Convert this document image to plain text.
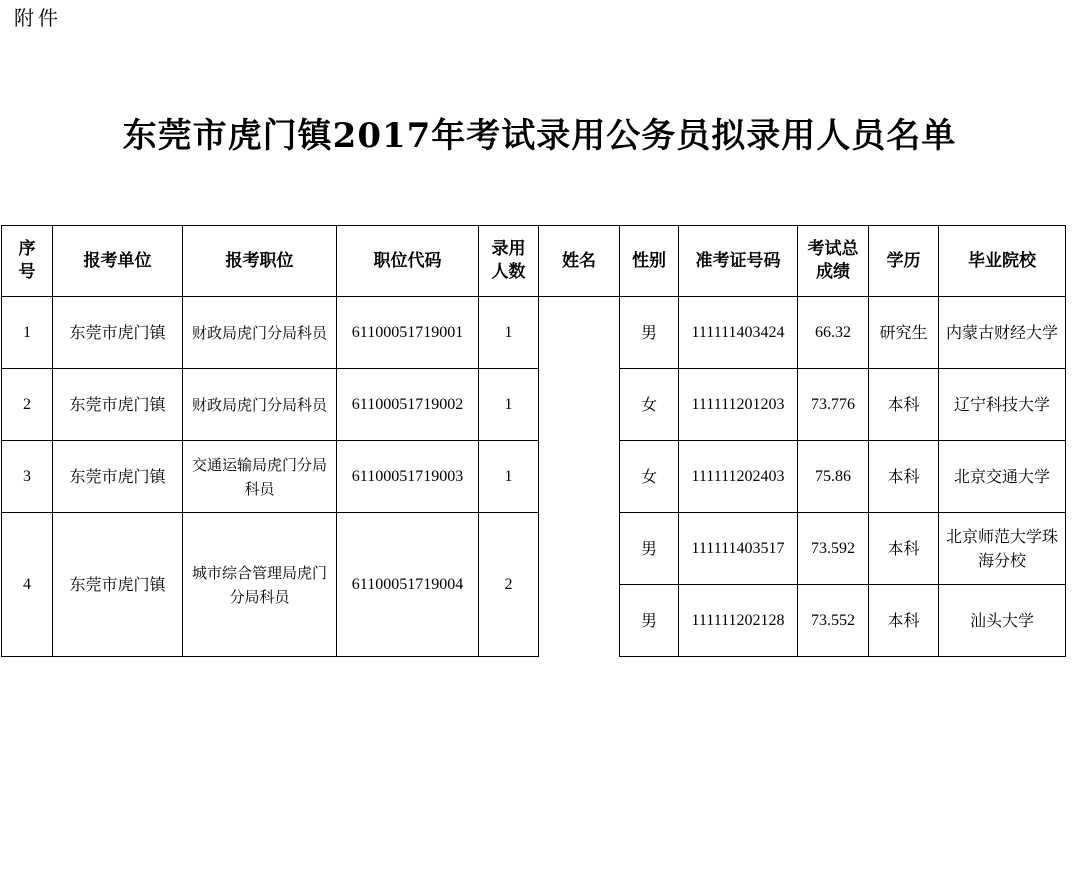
附件
东莞市虎门镇2017年考试录用公务员拟录用人员名单
序号	报考单位	报考职位	职位代码	录用人数	姓名	性别	准考证号码	考试总成绩	学历	毕业院校
1	东莞市虎门镇	财政局虎门分局科员	61100051719001	1		男	111111403424	66.32	研究生	内蒙古财经大学
2	东莞市虎门镇	财政局虎门分局科员	61100051719002	1		女	111111201203	73.776	本科	辽宁科技大学
3	东莞市虎门镇	交通运输局虎门分局科员	61100051719003	1		女	111111202403	75.86	本科	北京交通大学
4	东莞市虎门镇	城市综合管理局虎门分局科员	61100051719004	2		男	111111403517	73.592	本科	北京师范大学珠海分校
						男	111111202128	73.552	本科	汕头大学
